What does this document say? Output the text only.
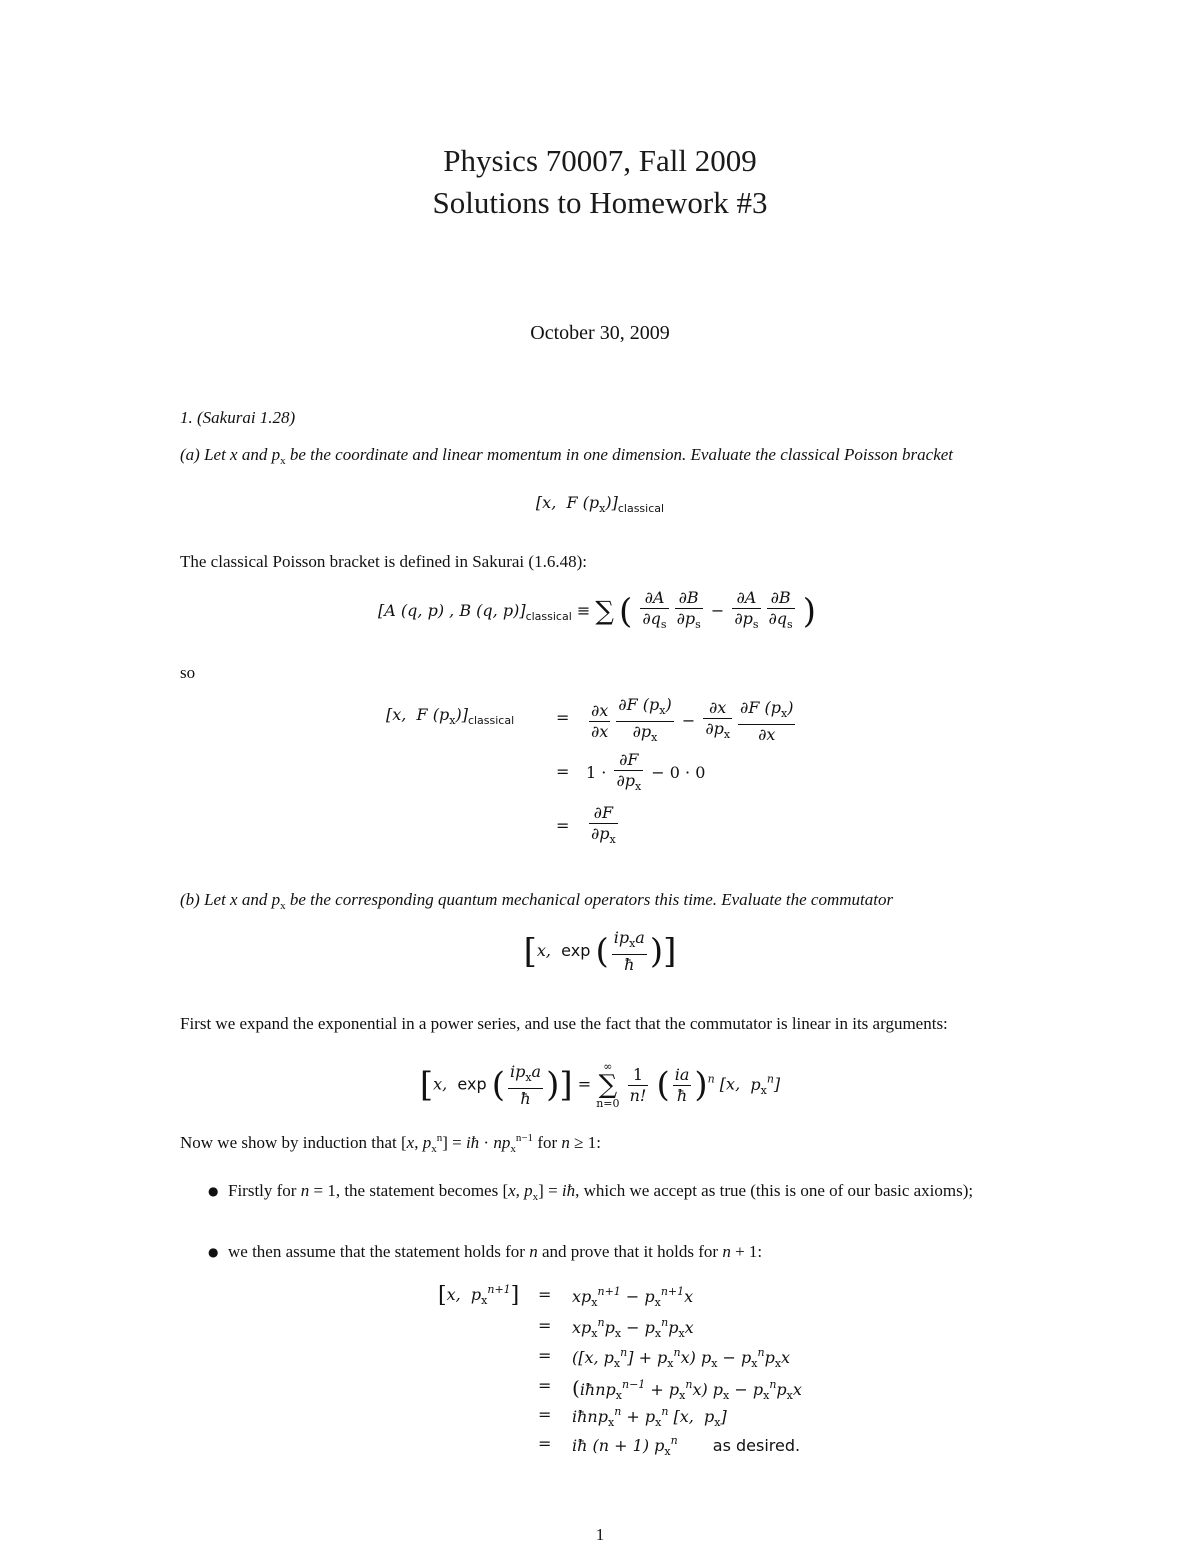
Physics 70007, Fall 2009
Solutions to Homework #3
October 30, 2009
1. (Sakurai 1.28)
(a) Let x and $p_x$ be the coordinate and linear momentum in one dimension. Evaluate the classical Poisson bracket
[x,  F $(p_x)]_{classical}$
The classical Poisson bracket is defined in Sakurai (1.6.48):
[A (q, p) , B (q, $p)]_{classical}$ ≡ ∑ ( $\frac{\partial A}{\partial q_s} \frac{\partial B}{\partial p_s} - \frac{\partial A}{\partial p_s} \frac{\partial B}{\partial q_s}$ )
so
[x,  F $(p_x)]_{classical}$	= $\frac{\partial x}{\partial x} \frac{\partial F (p_x)}{\partial p_x} - \frac{\partial x}{\partial p_x} \frac{\partial F (p_x)}{\partial x}$
= $1 \cdot \frac{\partial F}{\partial p_x} - 0 \cdot 0$
= $\frac{\partial F}{\partial p_x}$
(b) Let x and $p_x$ be the corresponding quantum mechanical operators this time. Evaluate the commutator
[x,  exp ( $\frac{ip_xa}{ħ}$ )]
First we expand the exponential in a power series, and use the fact that the commutator is linear in its arguments:
[x,  exp ( $\frac{ip_xa}{ħ}$ )] =
∞
∑
n=0
$\frac{1}{n!}$ ( $\frac{ia}{ħ} )^n$ [x,  $p_x^n$]
Now we show by induction that [x, $p_x^n$] = iħ · $np_x^{n-1}$ for n ≥ 1:
● Firstly for n = 1, the statement becomes [x, $p_x$] = iħ, which we accept as true (this is one of our basic axioms);
● we then assume that the statement holds for n and prove that it holds for n + 1:
[x,  $p_x^{n+1}] = xp_x^{n+1} - p_x^{n+1}x$
= $xp_x^np_x - p_x^np_xx$
= ([x, $p_x^n] + p_x^nx$) $p_x - p_x^np_xx$
= (iħnp$_x^{n-1}$ + $p_x^nx$) $p_x - p_x^np_xx$
= iħnp$_x^n$ + $p_x^n$ [x,  $p_x$]
= iħ (n + 1) $p_x^n$ as desired.
1
